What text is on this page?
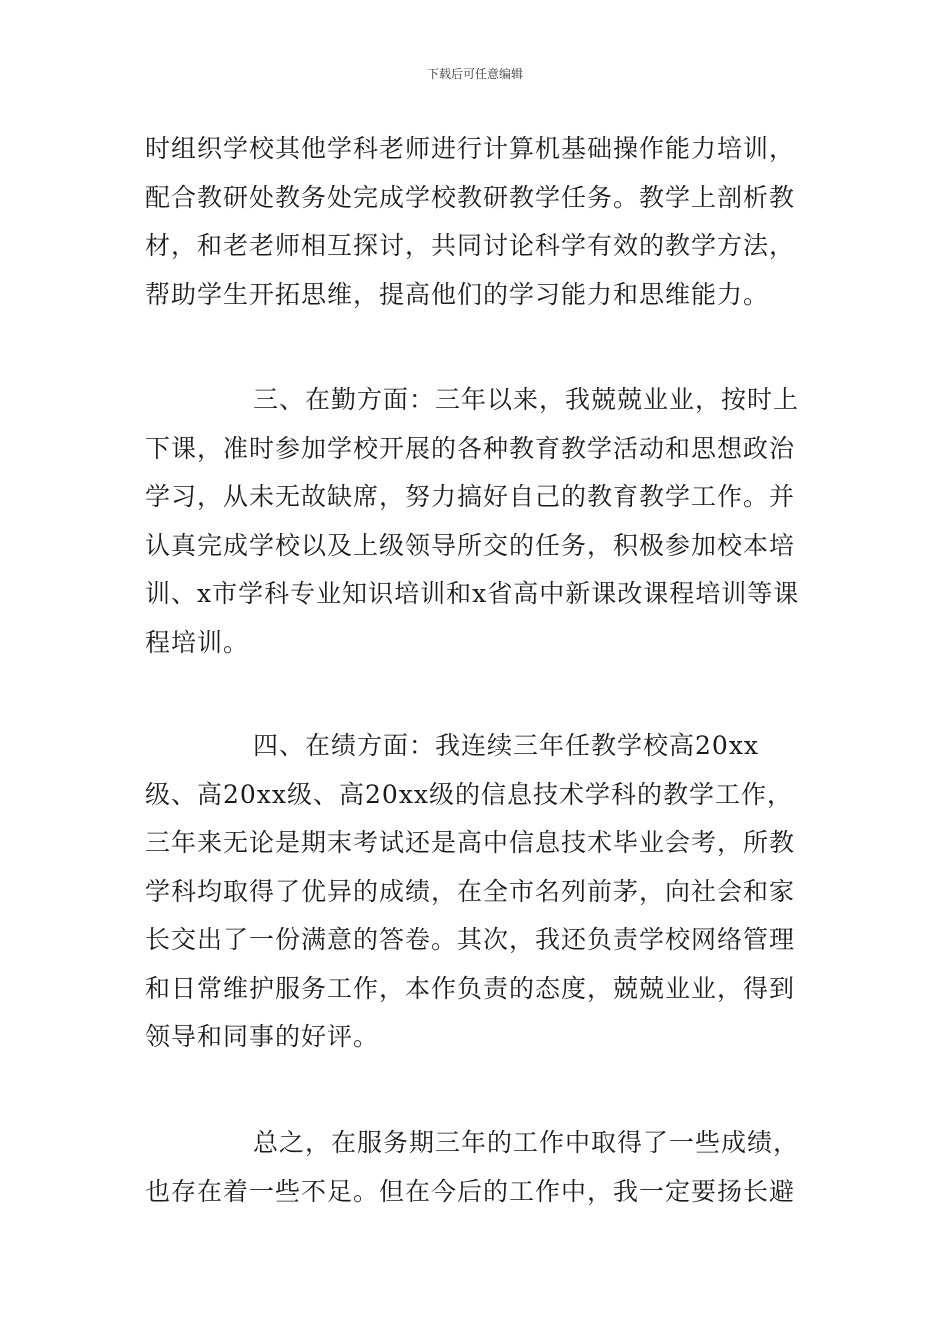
下载后可任意编辑

时组织学校其他学科老师进行计算机基础操作能力培训，配合教研处教务处完成学校教研教学任务。教学上剖析教材，和老老师相互探讨，共同讨论科学有效的教学方法，帮助学生开拓思维，提高他们的学习能力和思维能力。

三、在勤方面：三年以来，我兢兢业业，按时上下课，准时参加学校开展的各种教育教学活动和思想政治学习，从未无故缺席，努力搞好自己的教育教学工作。并认真完成学校以及上级领导所交的任务，积极参加校本培训、x市学科专业知识培训和x省高中新课改课程培训等课程培训。

四、在绩方面：我连续三年任教学校高20xx级、高20xx级、高20xx级的信息技术学科的教学工作，三年来无论是期末考试还是高中信息技术毕业会考，所教学科均取得了优异的成绩，在全市名列前茅，向社会和家长交出了一份满意的答卷。其次，我还负责学校网络管理和日常维护服务工作，本作负责的态度，兢兢业业，得到领导和同事的好评。

总之，在服务期三年的工作中取得了一些成绩，也存在着一些不足。但在今后的工作中，我一定要扬长避
